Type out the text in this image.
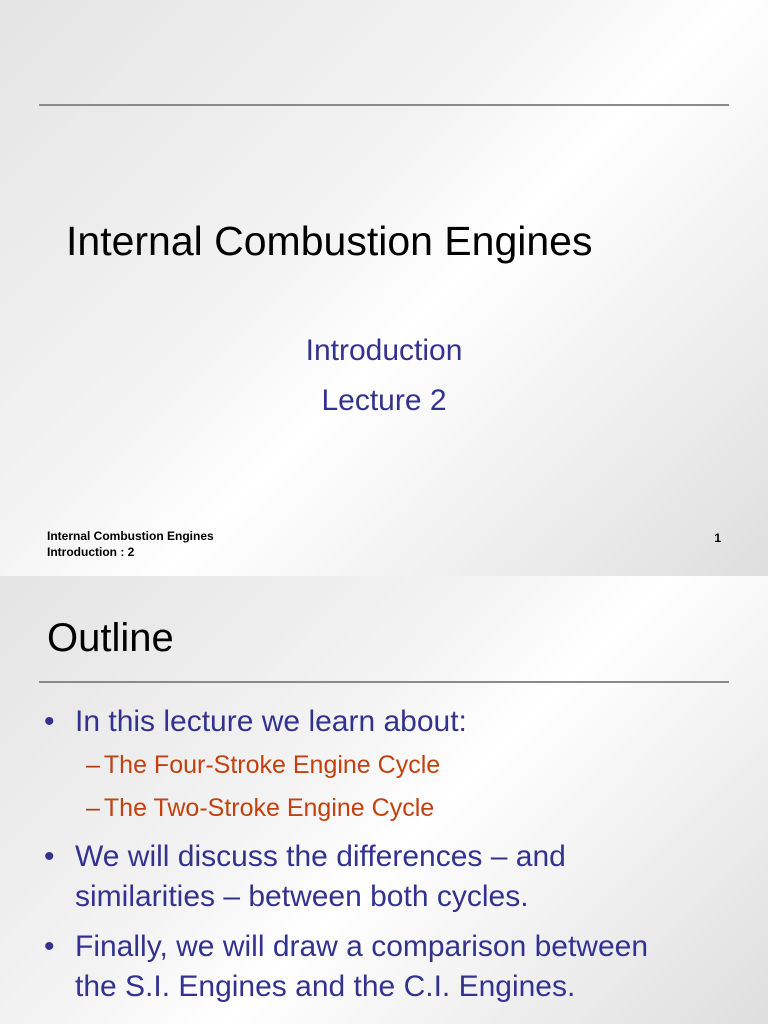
Internal Combustion Engines
Introduction
Lecture 2
Internal Combustion Engines
Introduction : 2
1
Outline
• In this lecture we learn about:
– The Four-Stroke Engine Cycle
– The Two-Stroke Engine Cycle
• We will discuss the differences – and similarities – between both cycles.
• Finally, we will draw a comparison between the S.I. Engines and the C.I. Engines.
